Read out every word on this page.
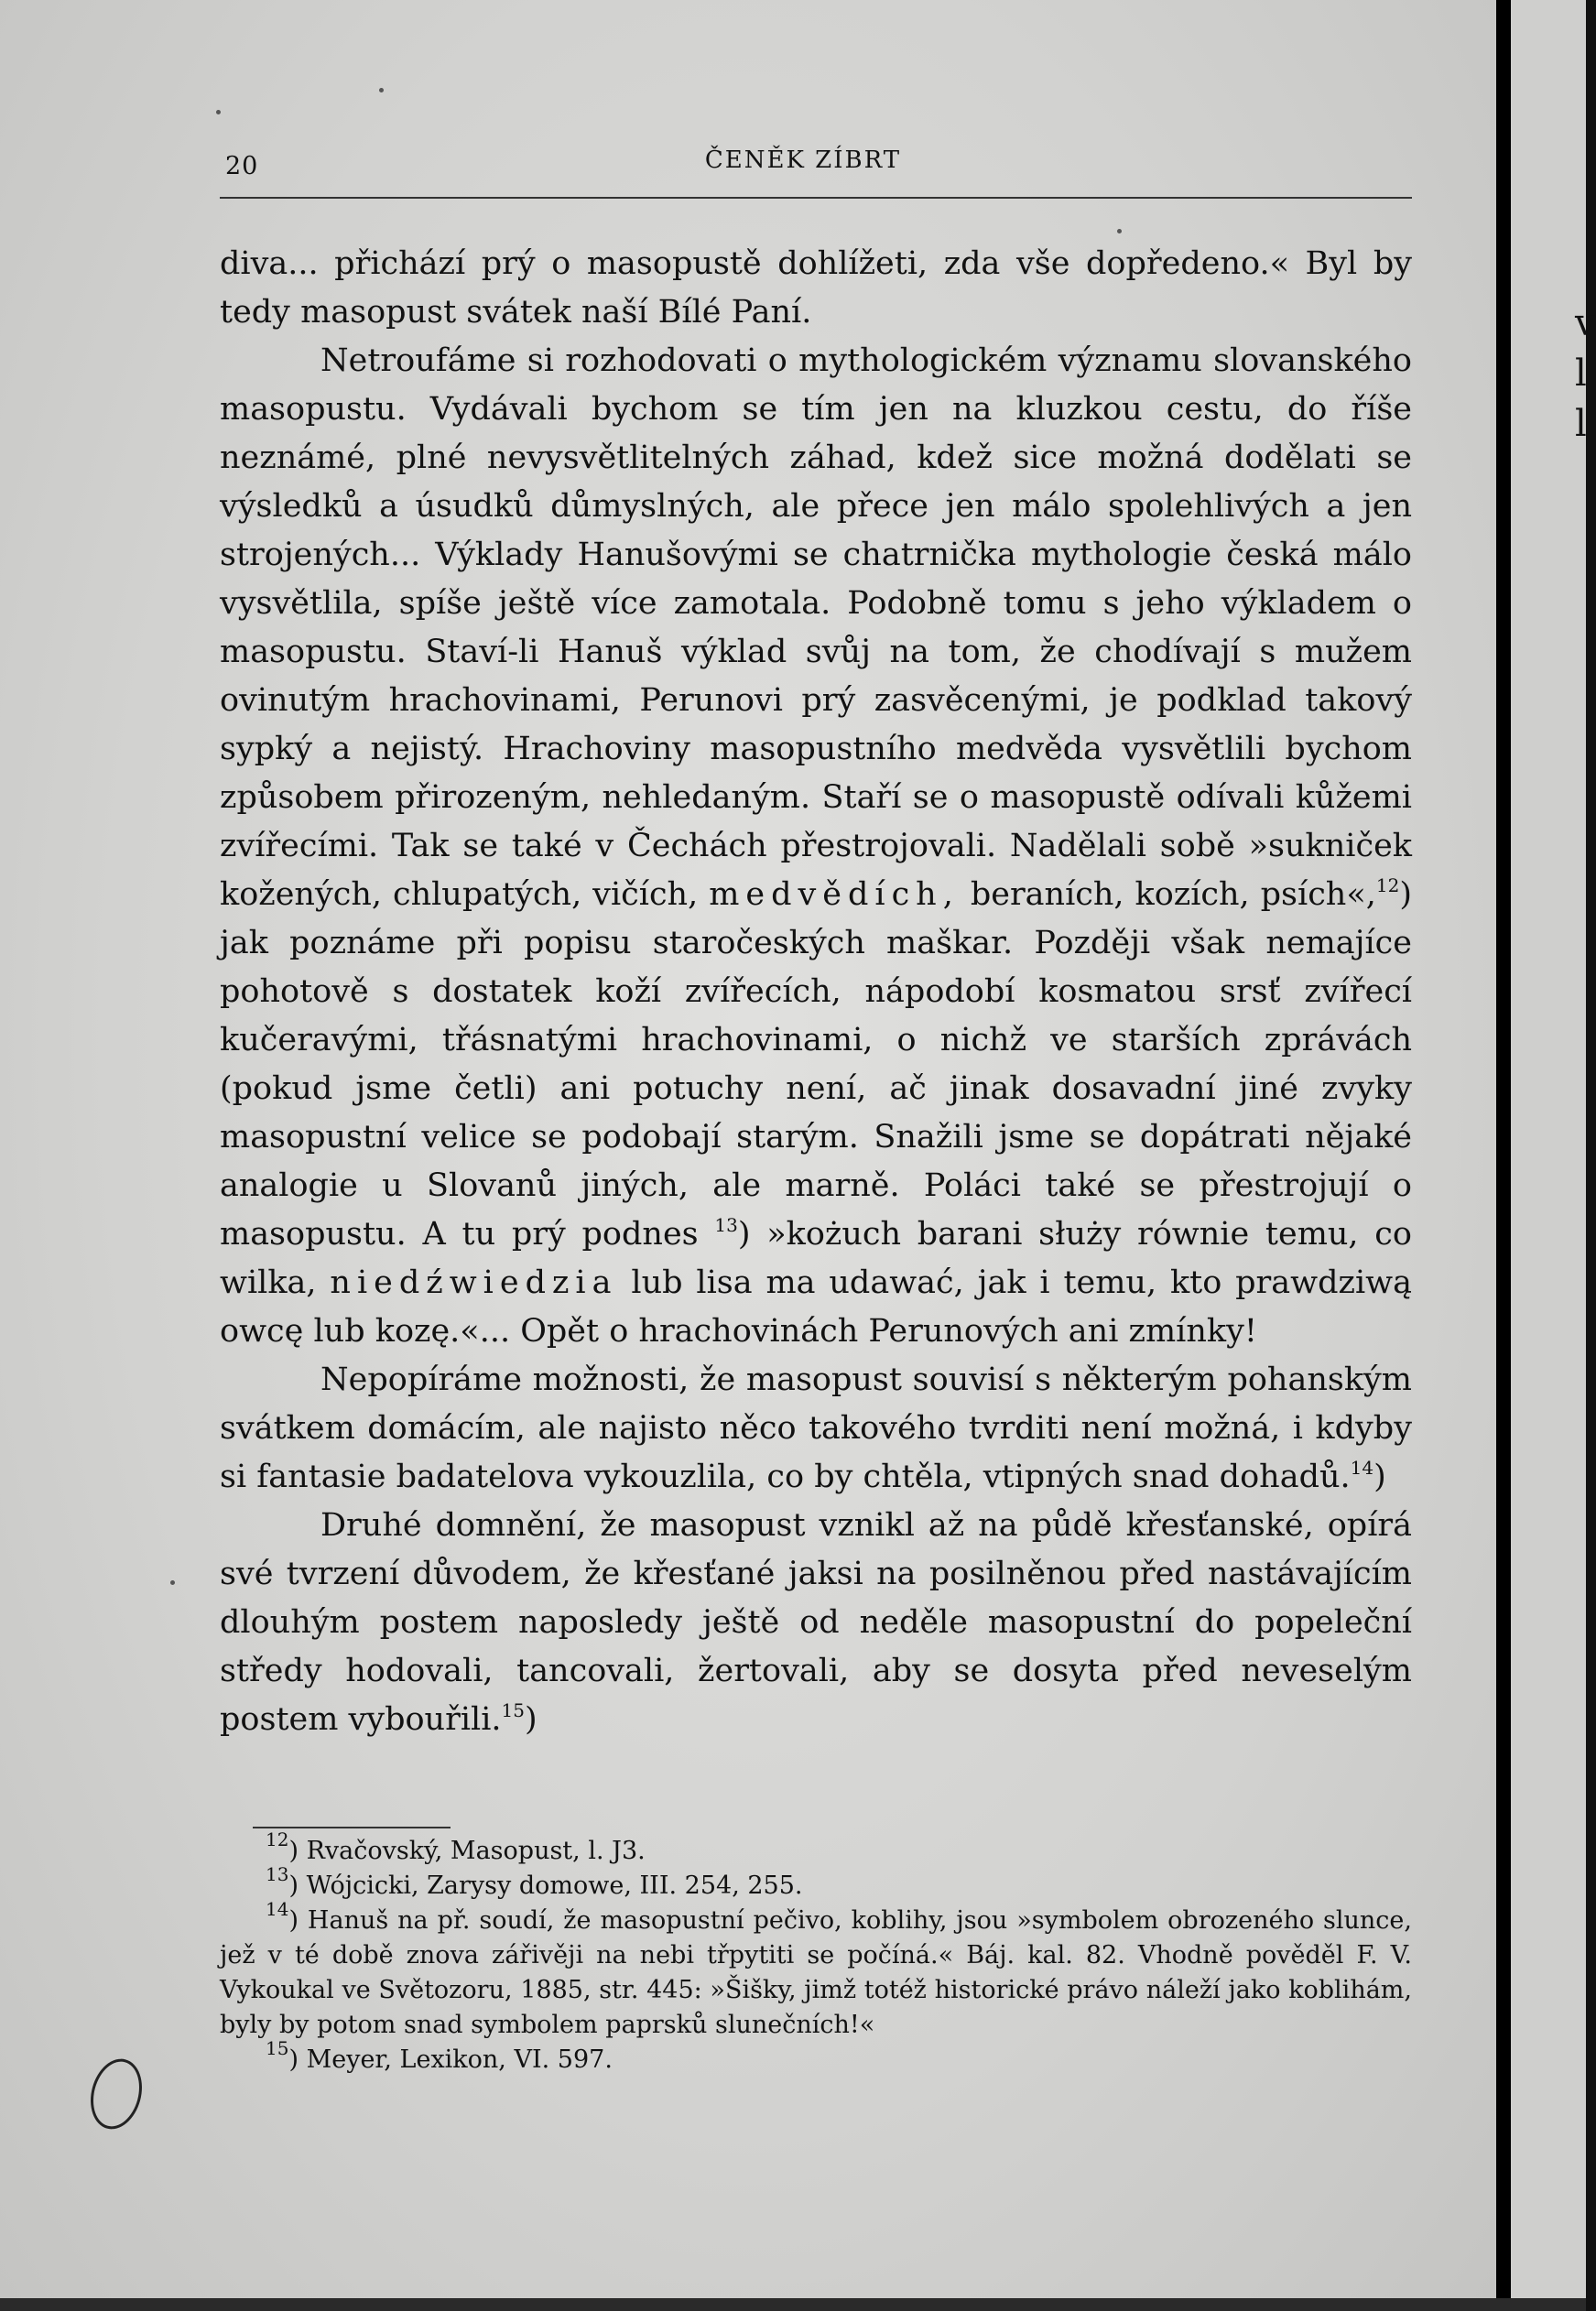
20	ČENĚK ZÍBRT

diva... přichází prý o masopustě dohlížeti, zda vše dopředeno.« Byl by tedy masopust svátek naší Bílé Paní.

Netroufáme si rozhodovati o mythologickém významu slovanského masopustu. Vydávali bychom se tím jen na kluzkou cestu, do říše neznámé, plné nevysvětlitelných záhad, kdež sice možná dodělati se výsledků a úsudků důmyslných, ale přece jen málo spolehlivých a jen strojených... Výklady Hanušovými se chatrnička mythologie česká málo vysvětlila, spíše ještě více zamotala. Podobně tomu s jeho výkladem o masopustu. Staví-li Hanuš výklad svůj na tom, že chodívají s mužem ovinutým hrachovinami, Perunovi prý zasvěcenými, je podklad takový sypký a nejistý. Hrachoviny masopustního medvěda vysvětlili bychom způsobem přirozeným, nehledaným. Staří se o masopustě odívali kůžemi zvířecími. Tak se také v Čechách přestrojovali. Nadělali sobě »sukniček kožených, chlupatých, vičích, medvědích, beraních, kozích, psích«,$^{12}$) jak poznáme při popisu staročeských maškar. Později však nemajíce pohotově s dostatek koží zvířecích, nápodobí kosmatou srsť zvířecí kučeravými, třásnatými hrachovinami, o nichž ve starších zprávách (pokud jsme četli) ani potuchy není, ač jinak dosavadní jiné zvyky masopustní velice se podobají starým. Snažili jsme se dopátrati nějaké analogie u Slovanů jiných, ale marně. Poláci také se přestrojují o masopustu. A tu prý podnes $^{13}$) »kożuch barani służy równie temu, co wilka, niedźwiedzia lub lisa ma udawać, jak i temu, kto prawdziwą owcę lub kozę.«... Opět o hrachovinách Perunových ani zmínky!

Nepopíráme možnosti, že masopust souvisí s některým pohanským svátkem domácím, ale najisto něco takového tvrditi není možná, i kdyby si fantasie badatelova vykouzlila, co by chtěla, vtipných snad dohadů.$^{14}$)

Druhé domnění, že masopust vznikl až na půdě křesťanské, opírá své tvrzení důvodem, že křesťané jaksi na posilněnou před nastávajícím dlouhým postem naposledy ještě od neděle masopustní do popeleční středy hodovali, tancovali, žertovali, aby se dosyta před neveselým postem vybouřili.$^{15}$)

$^{12}$) Rvačovský, Masopust, l. J3.

$^{13}$) Wójcicki, Zarysy domowe, III. 254, 255.

$^{14}$) Hanuš na př. soudí, že masopustní pečivo, koblihy, jsou »symbolem obrozeného slunce, jež v té době znova zářivěji na nebi třpytiti se počíná.« Báj. kal. 82. Vhodně pověděl F. V. Vykoukal ve Světozoru, 1885, str. 445: »Šišky, jimž totéž historické právo náleží jako koblihám, byly by potom snad symbolem paprsků slunečních!«

$^{15}$) Meyer, Lexikon, VI. 597.

v
l
l
